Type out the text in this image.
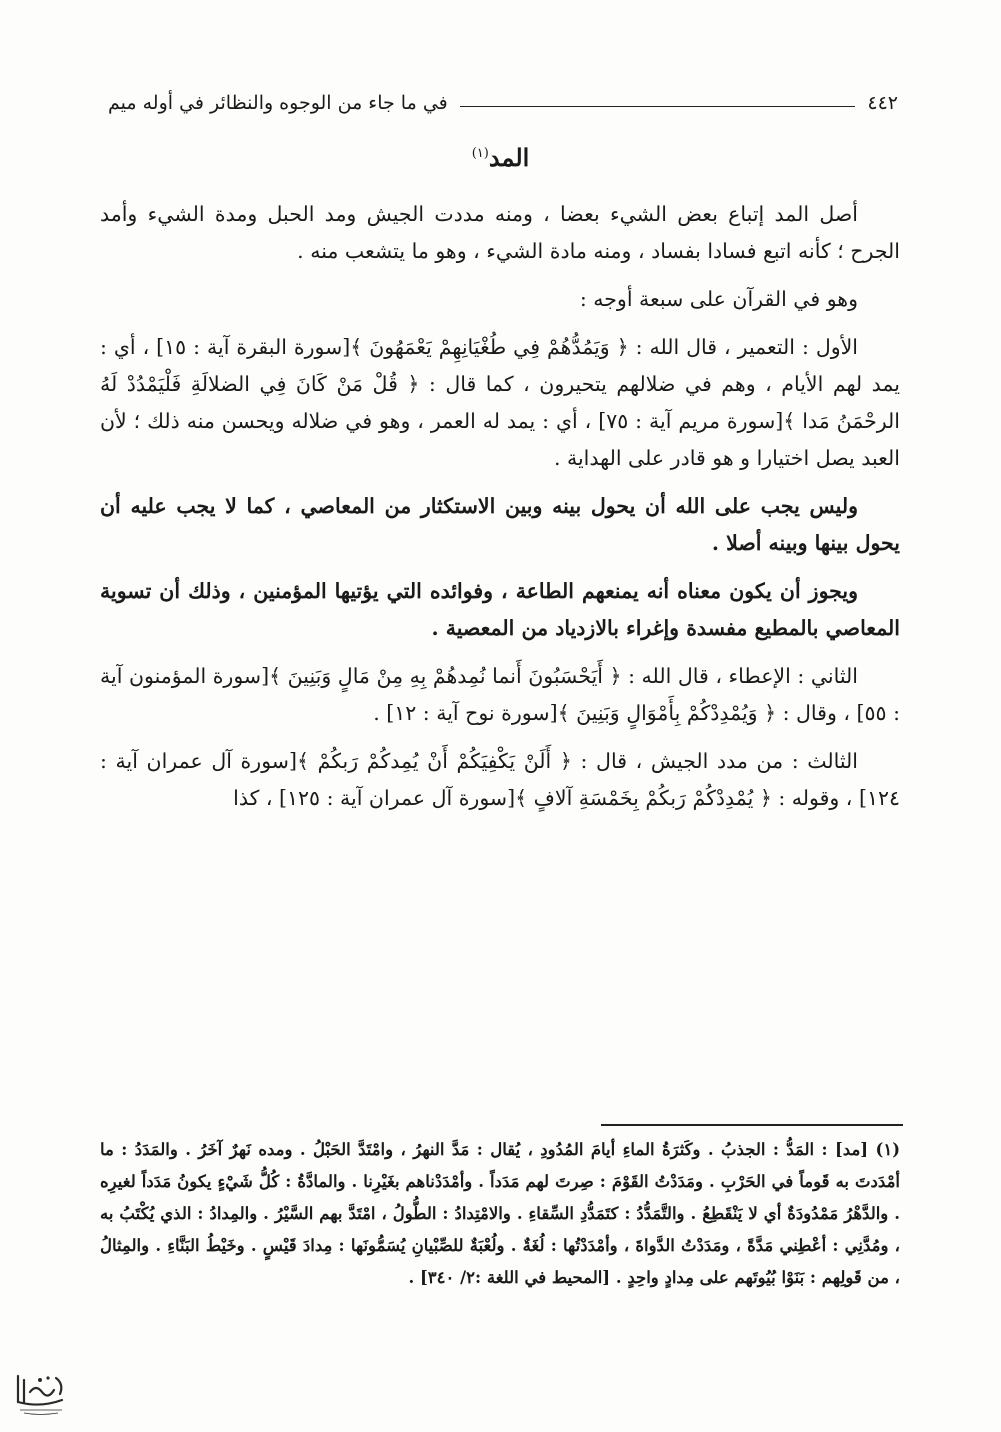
٤٤٢
في ما جاء من الوجوه والنظائر في أوله ميم
المد$^{(١)}$

أصل المد إتباع بعض الشيء بعضا ، ومنه مددت الجيش ومد الحبل ومدة الشيء وأمد الجرح ؛ كأنه اتبع فسادا بفساد ، ومنه مادة الشيء ، وهو ما يتشعب منه .

وهو في القرآن على سبعة أوجه :

الأول : التعمير ، قال الله : ﴿ وَيَمُدُّهُمْ فِي طُغْيَانِهِمْ يَعْمَهُونَ ﴾[سورة البقرة آية : ١٥] ، أي : يمد لهم الأيام ، وهم في ضلالهم يتحيرون ، كما قال : ﴿ قُلْ مَنْ كَانَ فِي الضلالَةِ فَلْيَمْدُدْ لَهُ الرحْمَنُ مَدا ﴾[سورة مريم آية : ٧٥] ، أي : يمد له العمر ، وهو في ضلاله ويحسن منه ذلك ؛ لأن العبد يصل اختيارا و هو قادر على الهداية .

وليس يجب على الله أن يحول بينه وبين الاستكثار من المعاصي ، كما لا يجب عليه أن يحول بينها وبينه أصلا .

ويجوز أن يكون معناه أنه يمنعهم الطاعة ، وفوائده التي يؤتيها المؤمنين ، وذلك أن تسوية المعاصي بالمطيع مفسدة وإغراء بالازدياد من المعصية .

الثاني : الإعطاء ، قال الله : ﴿ أَيَحْسَبُونَ أَنما نُمِدهُمْ بِهِ مِنْ مَالٍ وَبَنِينَ ﴾[سورة المؤمنون آية : ٥٥] ، وقال : ﴿ وَيُمْدِدْكُمْ بِأَمْوَالٍ وَبَنِينَ ﴾[سورة نوح آية : ١٢] .

الثالث : من مدد الجيش ، قال : ﴿ أَلَنْ يَكْفِيَكُمْ أَنْ يُمِدكُمْ رَبكُمْ ﴾[سورة آل عمران آية : ١٢٤] ، وقوله : ﴿ يُمْدِدْكُمْ رَبكُمْ بِخَمْسَةِ آلافٍ ﴾[سورة آل عمران آية : ١٢٥] ، كذا

(١) [مد] : المَدُّ : الجذبُ . وكَثرَةُ الماءِ أيامَ المُدُودِ ، يُقال : مَدَّ النهرُ ، وامْتَدَّ الحَبْلُ . ومده نَهرٌ آخَرُ . والمَدَدُ : ما أمْدَدتَ به قَوماً في الحَرْبِ . ومَدَدْتُ القَوْمَ : صِرتَ لهم مَدَداً . وأمْدَدْناهم بغَيْرِنا . والمادَّةُ : كُلُّ شَيْءٍ يكونُ مَدَداً لغيرِه . والدَّهْرُ مَمْدُودَةٌ أي لا يَنْقَطِعُ . والتَّمَدُّدُ : كتَمَدُّدِ السِّقاءِ . والامْتِدادُ : الطُّولُ ، امْتَدَّ بهم السَّيْرُ . والمِدادُ : الذي يُكْتَبُ به ، ومُدَّنِي : أعْطِني مَدَّةً ، ومَدَدْتُ الدَّواةَ ، وأمْدَدْتُها : لُغَةٌ . ولُعْبَةٌ للصِّبْيانِ يُسَمُّونَها : مِدادَ قَيْسٍ . وخَيْطُ البَنَّاءِ . والمِثالُ ، من قَولِهم : بَنَوْا بُيُوتَهم على مِدادٍ واحِدٍ . [المحيط في اللغة :٢/ ٣٤٠] .
